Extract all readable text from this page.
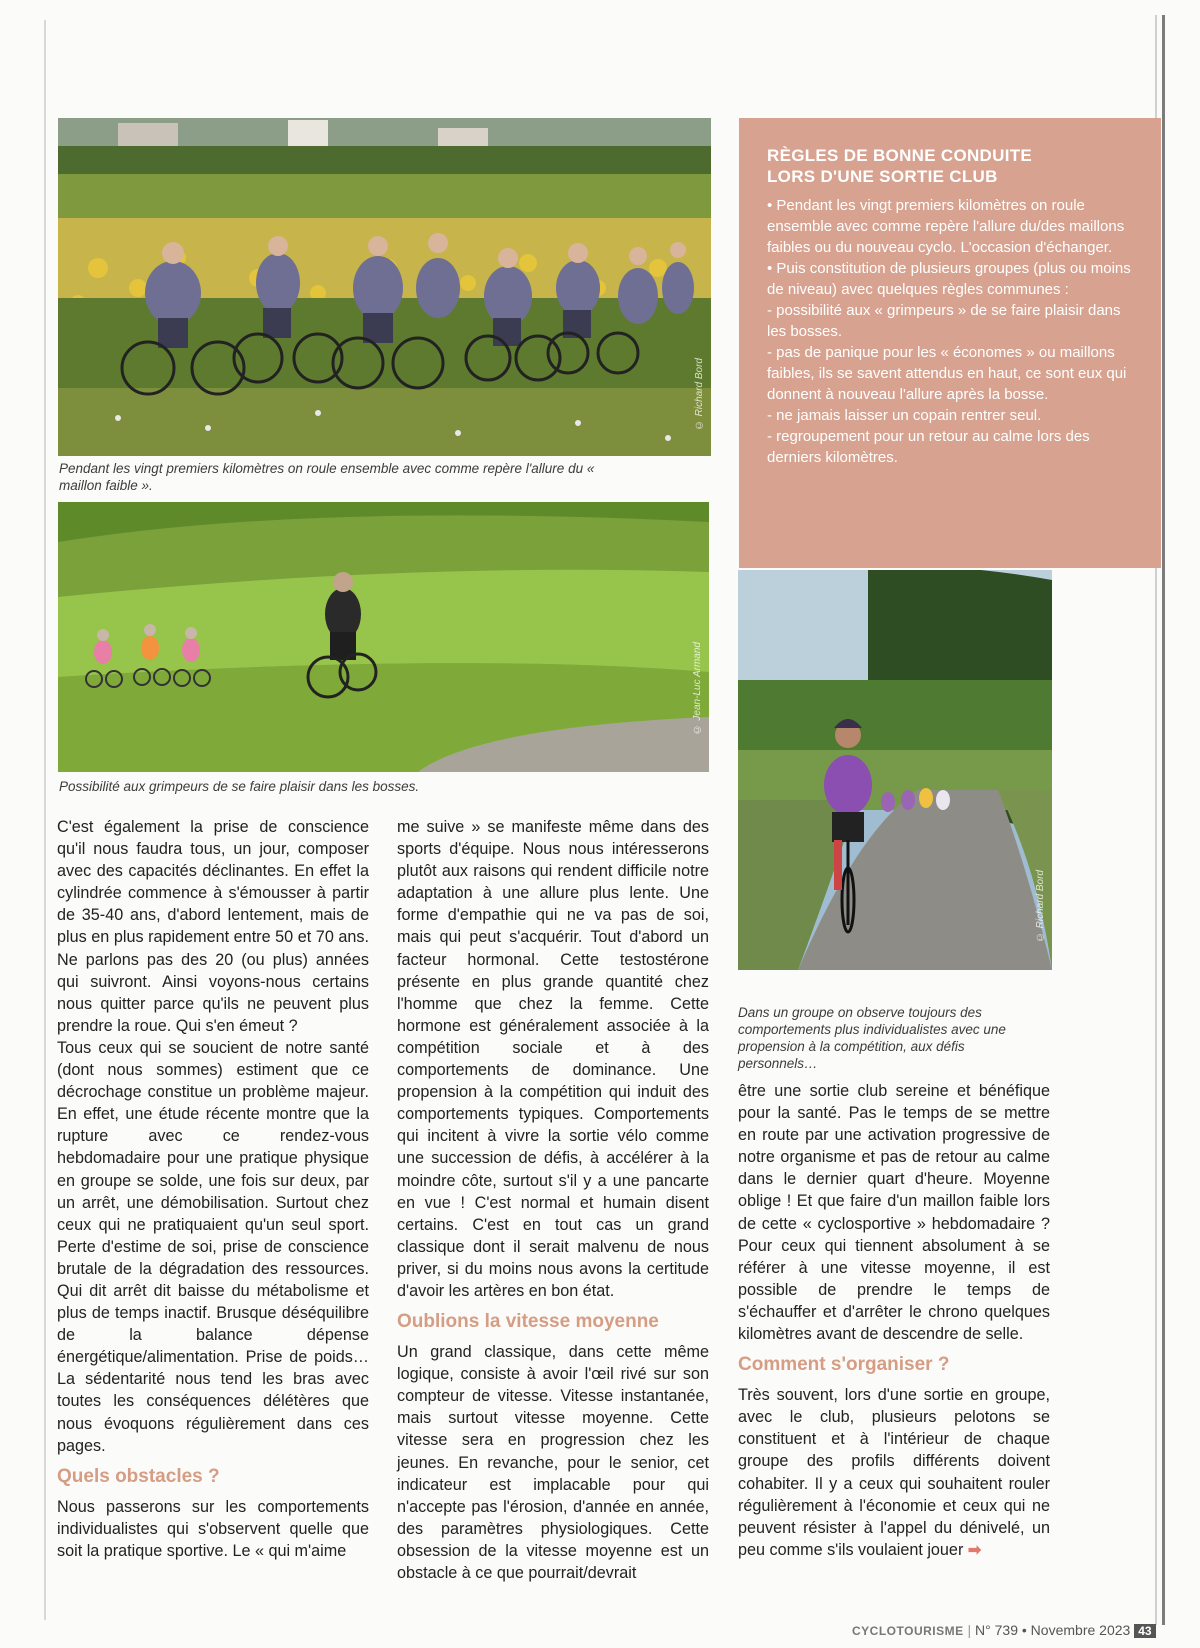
© Richard Bord
Pendant les vingt premiers kilomètres on roule ensemble avec comme repère l'allure du « maillon faible ».
© Jean-Luc Armand
Possibilité aux grimpeurs de se faire plaisir dans les bosses.
RÈGLES DE BONNE CONDUITE
LORS D'UNE SORTIE CLUB

• Pendant les vingt premiers kilomètres on roule ensemble avec comme repère l'allure du/des maillons faibles ou du nouveau cyclo. L'occasion d'échanger.

• Puis constitution de plusieurs groupes (plus ou moins de niveau) avec quelques règles communes :

- possibilité aux « grimpeurs » de se faire plaisir dans les bosses.

- pas de panique pour les « économes » ou maillons faibles, ils se savent attendus en haut, ce sont eux qui donnent à nouveau l'allure après la bosse.

- ne jamais laisser un copain rentrer seul.

- regroupement pour un retour au calme lors des derniers kilomètres.

© Richard Bord
Dans un groupe on observe toujours des comportements plus individualistes avec une propension à la compétition, aux défis personnels…

C'est également la prise de conscience qu'il nous faudra tous, un jour, composer avec des capacités déclinantes. En effet la cylindrée commence à s'émousser à partir de 35-40 ans, d'abord lentement, mais de plus en plus rapidement entre 50 et 70 ans. Ne parlons pas des 20 (ou plus) années qui suivront. Ainsi voyons-nous certains nous quitter parce qu'ils ne peuvent plus prendre la roue. Qui s'en émeut ?

Tous ceux qui se soucient de notre santé (dont nous sommes) estiment que ce décrochage constitue un problème majeur. En effet, une étude récente montre que la rupture avec ce rendez-vous hebdomadaire pour une pratique physique en groupe se solde, une fois sur deux, par un arrêt, une démobilisation. Surtout chez ceux qui ne pratiquaient qu'un seul sport. Perte d'estime de soi, prise de conscience brutale de la dégradation des ressources. Qui dit arrêt dit baisse du métabolisme et plus de temps inactif. Brusque déséquilibre de la balance dépense énergétique/alimentation. Prise de poids… La sédentarité nous tend les bras avec toutes les conséquences délétères que nous évoquons régulièrement dans ces pages.

Quels obstacles ?

Nous passerons sur les comportements individualistes qui s'observent quelle que soit la pratique sportive. Le « qui m'aime

me suive » se manifeste même dans des sports d'équipe. Nous nous intéresserons plutôt aux raisons qui rendent difficile notre adaptation à une allure plus lente. Une forme d'empathie qui ne va pas de soi, mais qui peut s'acquérir. Tout d'abord un facteur hormonal. Cette testostérone présente en plus grande quantité chez l'homme que chez la femme. Cette hormone est généralement associée à la compétition sociale et à des comportements de dominance. Une propension à la compétition qui induit des comportements typiques. Comportements qui incitent à vivre la sortie vélo comme une succession de défis, à accélérer à la moindre côte, surtout s'il y a une pancarte en vue ! C'est normal et humain disent certains. C'est en tout cas un grand classique dont il serait malvenu de nous priver, si du moins nous avons la certitude d'avoir les artères en bon état.

Oublions la vitesse moyenne

Un grand classique, dans cette même logique, consiste à avoir l'œil rivé sur son compteur de vitesse. Vitesse instantanée, mais surtout vitesse moyenne. Cette vitesse sera en progression chez les jeunes. En revanche, pour le senior, cet indicateur est implacable pour qui n'accepte pas l'érosion, d'année en année, des paramètres physiologiques. Cette obsession de la vitesse moyenne est un obstacle à ce que pourrait/devrait

être une sortie club sereine et bénéfique pour la santé. Pas le temps de se mettre en route par une activation progressive de notre organisme et pas de retour au calme dans le dernier quart d'heure. Moyenne oblige ! Et que faire d'un maillon faible lors de cette « cyclosportive » hebdomadaire ? Pour ceux qui tiennent absolument à se référer à une vitesse moyenne, il est possible de prendre le temps de s'échauffer et d'arrêter le chrono quelques kilomètres avant de descendre de selle.

Comment s'organiser ?

Très souvent, lors d'une sortie en groupe, avec le club, plusieurs pelotons se constituent et à l'intérieur de chaque groupe des profils différents doivent cohabiter. Il y a ceux qui souhaitent rouler régulièrement à l'économie et ceux qui ne peuvent résister à l'appel du dénivelé, un peu comme s'ils voulaient jouer ➡

CYCLOTOURISME | N° 739 • Novembre 2023 43
